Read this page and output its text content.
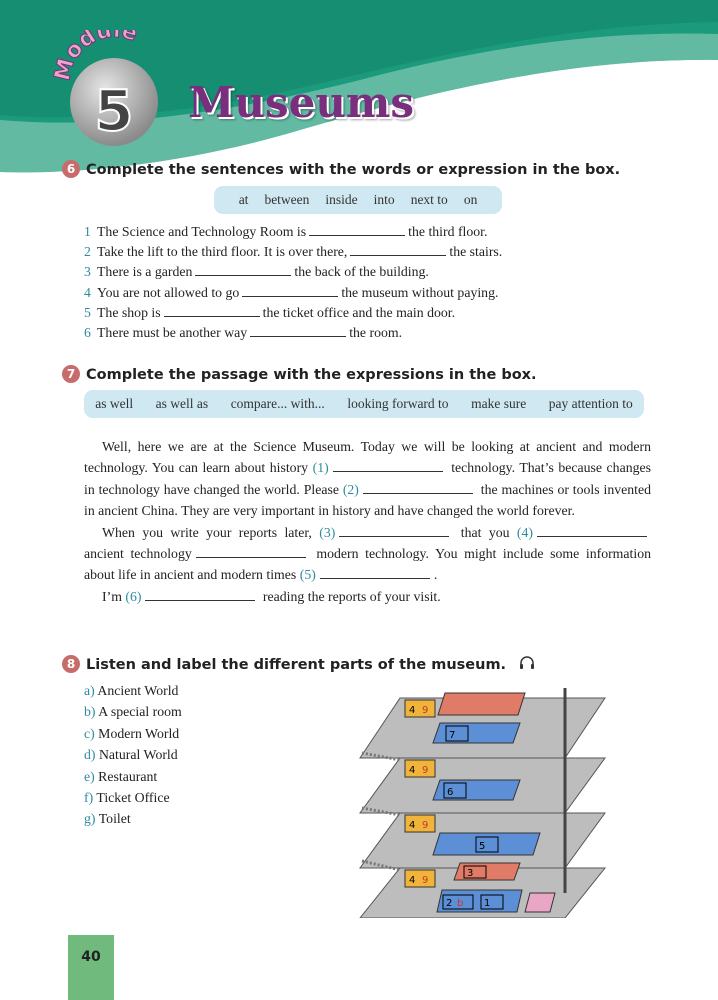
Module
5 Museums
6 Complete the sentences with the words or expression in the box.
at between inside into next to on
1 The Science and Technology Room is	the third floor.
2 Take the lift to the third floor. It is over there,	the stairs.
3 There is a garden	the back of the building.
4 You are not allowed to go	the museum without paying.
5 The shop is	the ticket office and the main door.
6 There must be another way	the room.
7 Complete the passage with the expressions in the box.
as well as well as compare... with... looking forward to make sure pay attention to

Well, here we are at the Science Museum. Today we will be looking at ancient and modern technology. You can learn about history (1)	technology. That’s because changes in technology have changed the world. Please (2)	the machines or tools invented in ancient China. They are very important in history and have changed the world forever.

When you write your reports later, (3)	that you (4) ancient technology	modern technology. You might include some information about life in ancient and modern times (5)	.

I’m (6)	reading the reports of your visit.

8 Listen and label the different parts of the museum.
a) Ancient World
b) A special room
c) Modern World
d) Natural World
e) Restaurant
f) Ticket Office
g) Toilet
4 9
7
4 9
6
4 9
5
4 9
3
2 b 1
40
